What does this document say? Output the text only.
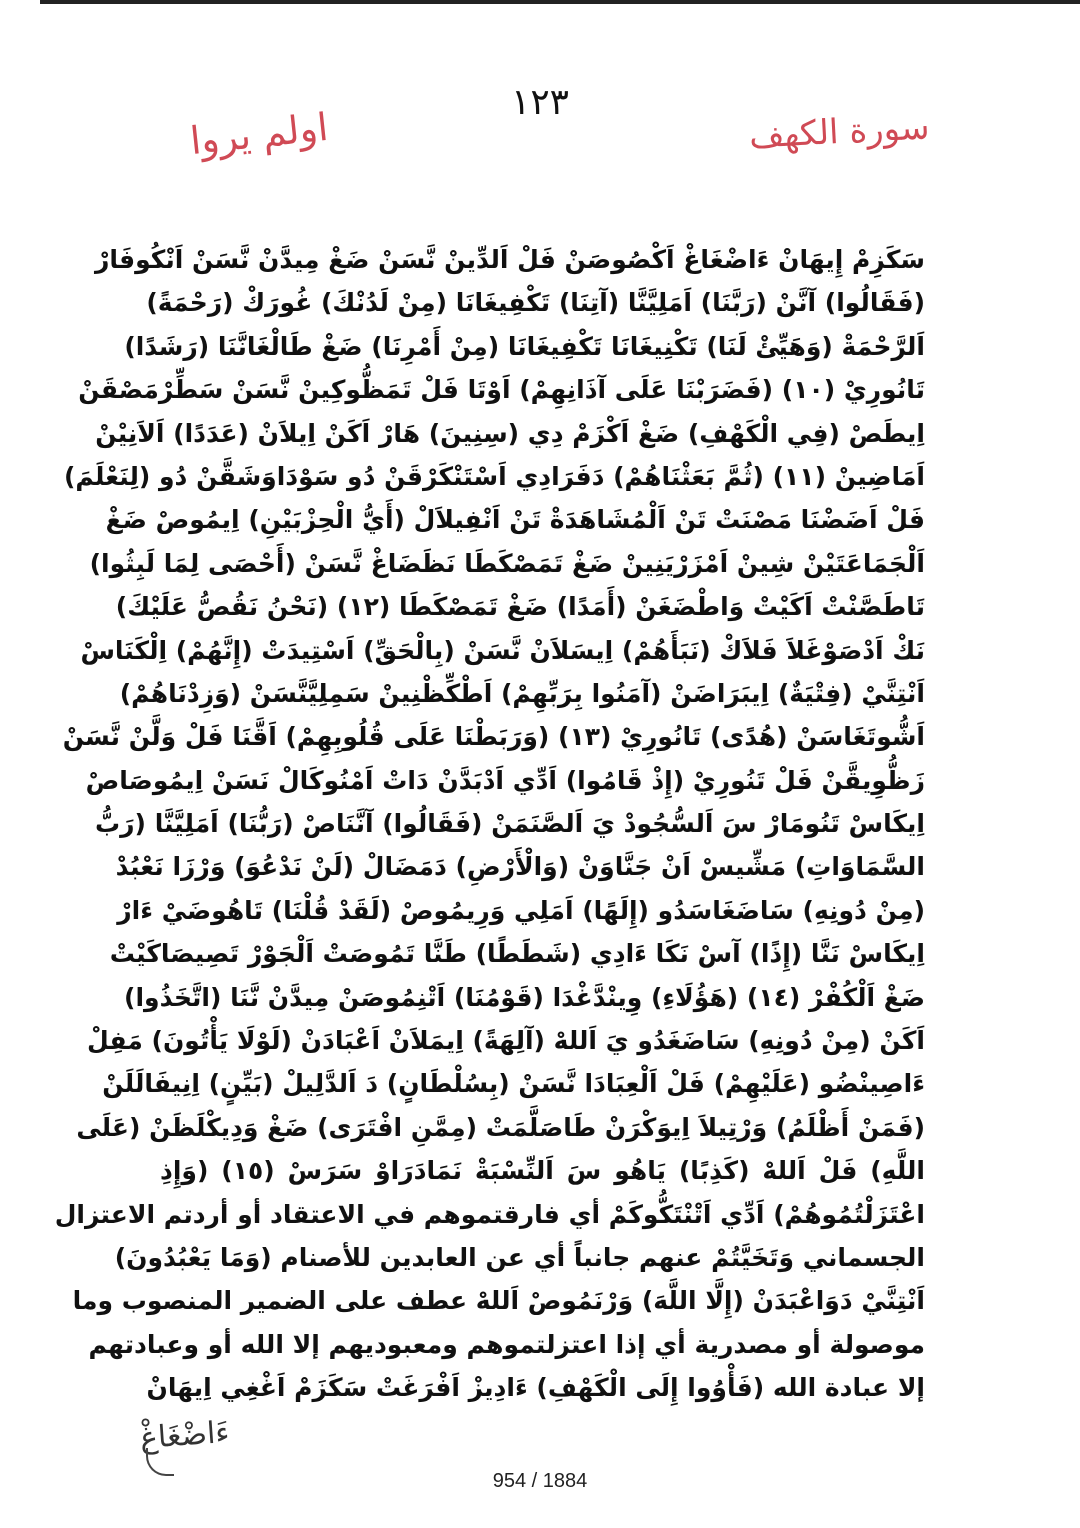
١٢٣
سورة الكهف
اولم يروا
سَكَزِمْ إِيهَانْ ءَاضْغَاغْ اَكْصُوصَنْ فَلْ اَلدِّينْ نَّسَنْ ضَغْ مِيدَّنْ نَّسَنْ اَنْكُوفَارْ
(فَقَالُوا) آنَّنْ (رَبَّنَا) اَمَلِيَّنَّا (آتِنَا) تَكْفِيغَانَا (مِنْ لَدُنْكَ) غُورَكْ (رَحْمَةً)
اَلرَّحْمَةْ (وَهَيِّئْ لَنَا) تَكْنِيغَانَا تَكْفِيغَانَا (مِنْ أَمْرِنَا) ضَغْ طَالْغَانَّنَا (رَشَدًا)
تَانُورِيْ (١٠) (فَضَرَبْنَا عَلَى آذَانِهِمْ) اَوْتَا فَلْ تَمَظُّوكِينْ نَّسَنْ سَطِّرْمَصْقَنْ
اِيطَصْ (فِي الْكَهْفِ) ضَغْ اَكْزَمْ دِي (سِنِينَ) هَارْ اَكَنْ اِيلاَنْ (عَدَدًا) اَلاَنِيْنْ
اَمَاضِينْ (١١) (ثُمَّ بَعَثْنَاهُمْ) دَفَرَادِي اَسْتَنْكَرْقَنْ دُو سَوْدَاوَشَقَّنْ دُو (لِنَعْلَمَ)
فَلْ اَضَضْنَا مَصْنَتْ تَنْ اَلْمُشَاهَدَةْ تَنْ اَنْفِيلاَلْ (أَيُّ الْحِزْبَيْنِ) اِيمُوصْ ضَغْ
اَلْجَمَاعَتَيْنْ شِينْ اَمْزَرْيَنِينْ ضَغْ تَمَصْكَطَا نَظَضَاغْ نَّسَنْ (أَحْصَى لِمَا لَبِثُوا)
تَاطَصَّنْتْ اَكَيْتْ وَاطْضَغَنْ (أَمَدًا) ضَغْ تَمَصْكَطَا (١٢) (نَحْنُ نَقُصُّ عَلَيْكَ)
نَكْ اَدْصَوْغَلاَ فَلاَكْ (نَبَأَهُمْ) اِيسَلاَنْ نَّسَنْ (بِالْحَقِّ) اَسْتِيدَتْ (إِنَّهُمْ) اِلْكَنَاسْ
اَنْتِنَّيْ (فِتْيَةٌ) اِيبَرَاضَنْ (آمَنُوا بِرَبِّهِمْ) اَطْكِّظْنِينْ سَمِلِيَّنَّسَنْ (وَزِدْنَاهُمْ)
اَشُّوتَغَاسَنْ (هُدًى) تَانُورِيْ (١٣) (وَرَبَطْنَا عَلَى قُلُوبِهِمْ) اَقَّنَا فَلْ وَلَّنْ نَّسَنْ
زَظُّوِيقَّنْ فَلْ تَنُورِيْ (إِذْ قَامُوا) اَدِّي اَدْبَدَّنْ دَاتْ اَمْنُوكَالْ نَسَنْ اِيمُوصَاصْ
اِيكَاسْ تَنُومَارْ سَ اَلسُّجُودْ يَ اَلصَّنَمَنْ (فَقَالُوا) آنَّنَاصْ (رَبُّنَا) اَمَلِيَّنَّا (رَبُّ
السَّمَاوَاتِ) مَشِّيسْ اَنْ جَنَّاوَنْ (وَالْأَرْضِ) دَمَضَالْ (لَنْ نَدْعُوَ) وَرْزَا نَعْبُدْ
(مِنْ دُونِهِ) سَاضَغَاسَدُو (إِلَهًا) اَمَلِي وَرِيمُوصْ (لَقَدْ قُلْنَا) تَاهُوضَيْ ءَارْ
اِيكَاسْ نَنَّا (إِذًا) آسْ نَكَا ءَادِي (شَطَطًا) طَنَّا تَمُوصَتْ اَلْجَوْرْ تَصِيصَاكَيْتْ
ضَغْ اَلْكُفْرْ (١٤) (هَؤُلَاءِ) وِينْدَّغْدَا (قَوْمُنَا) اَتْنِمُوصَنْ مِيدَّنْ نَّنَا (اتَّخَذُوا)
اَكَنْ (مِنْ دُونِهِ) سَاضَغَدُو يَ اَللهْ (آلِهَةً) اِيمَلاَنْ اَعْبَادَنْ (لَوْلَا يَأْتُونَ) مَفِلْ
ءَاصِينْضُو (عَلَيْهِمْ) فَلْ اَلْعِبَادَا نَّسَنْ (بِسُلْطَانٍ) دَ اَلدَّلِيلْ (بَيِّنٍ) اِنِيفَالَلَنْ
(فَمَنْ أَظْلَمُ) وَرْتِيلاَ اِيوَكْرَنْ طَاصَلَّمَتْ (مِمَّنِ افْتَرَى) ضَغْ وَدِيكْلَظَنْ (عَلَى
اللَّهِ) فَلْ اَللهْ (كَذِبًا) يَاهُو سَ اَلنِّسْبَةْ نَمَادَرَاوْ سَرَسْ (١٥) (وَإِذِ
اعْتَزَلْتُمُوهُمْ) اَدِّي اَتْنْتَكُّوكَمْ أي فارقتموهم في الاعتقاد أو أردتم الاعتزال
الجسماني وَتَخَيَّتُمْ عنهم جانباً أي عن العابدين للأصنام (وَمَا يَعْبُدُونَ)
اَنْتِنَّيْ دَوَاعْبَدَنْ (إِلَّا اللَّهَ) وَرْنَمُوصْ اَللهْ عطف على الضمير المنصوب وما
موصولة أو مصدرية أي إذا اعتزلتموهم ومعبوديهم إلا الله أو وعبادتهم
إلا عبادة الله (فَأْوُوا إِلَى الْكَهْفِ) ءَادِيزْ اَفْرَغَتْ سَكَزَمْ اَغْغِي اِيهَانْ
ءَاضْغَاغْ
954 / 1884
